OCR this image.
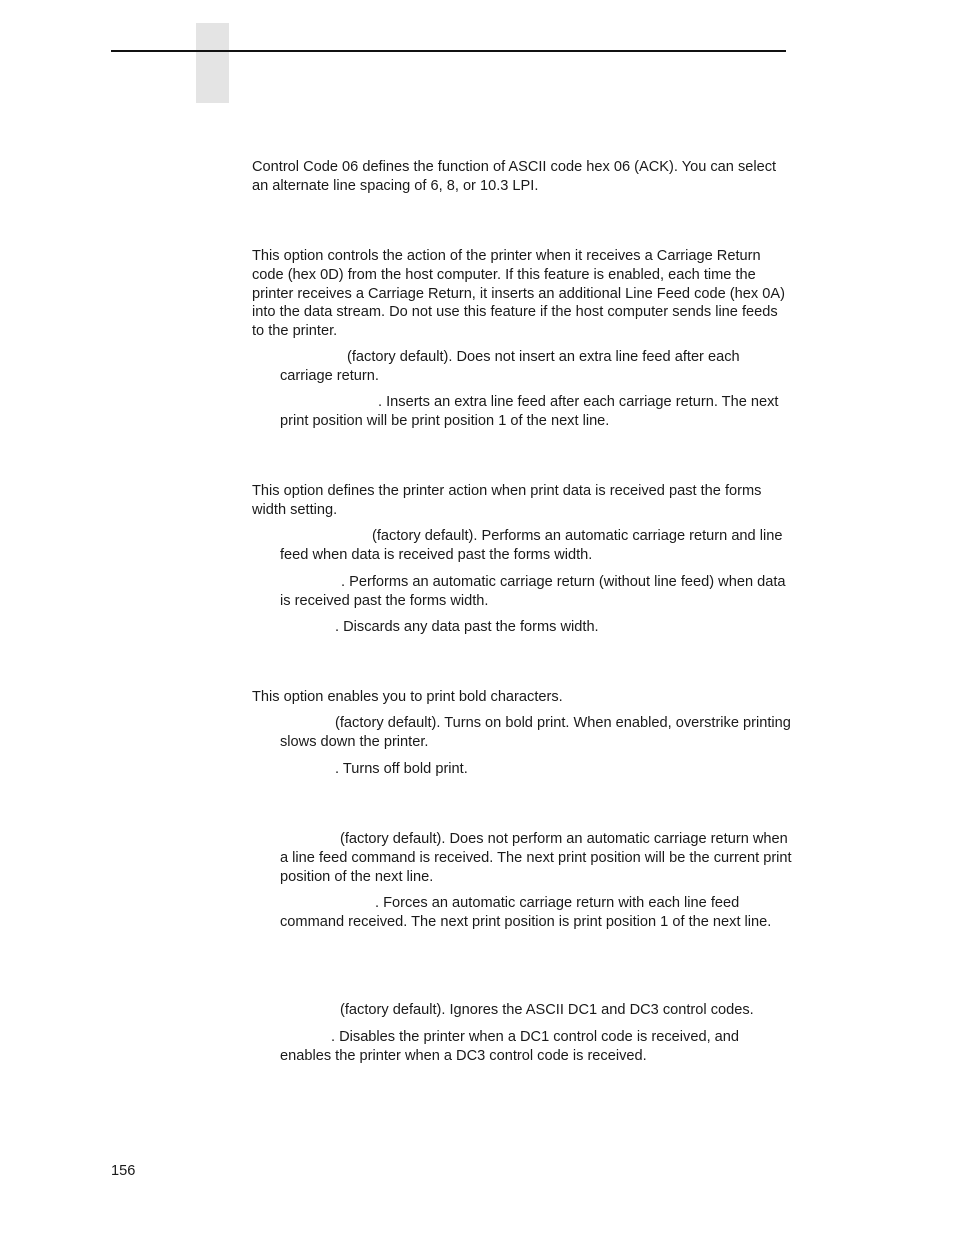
Control Code 06 defines the function of ASCII code hex 06 (ACK). You can select an alternate line spacing of 6, 8, or 10.3 LPI.

This option controls the action of the printer when it receives a Carriage Return code (hex 0D) from the host computer. If this feature is enabled, each time the printer receives a Carriage Return, it inserts an additional Line Feed code (hex 0A) into the data stream. Do not use this feature if the host computer sends line feeds to the printer.

(factory default). Does not insert an extra line feed after each carriage return.

. Inserts an extra line feed after each carriage return. The next print position will be print position 1 of the next line.

This option defines the printer action when print data is received past the forms width setting.

(factory default). Performs an automatic carriage return and line feed when data is received past the forms width.

. Performs an automatic carriage return (without line feed) when data is received past the forms width.

. Discards any data past the forms width.

This option enables you to print bold characters.

(factory default). Turns on bold print. When enabled, overstrike printing slows down the printer.

. Turns off bold print.

(factory default). Does not perform an automatic carriage return when a line feed command is received. The next print position will be the current print position of the next line.

. Forces an automatic carriage return with each line feed command received. The next print position is print position 1 of the next line.

(factory default). Ignores the ASCII DC1 and DC3 control codes.

. Disables the printer when a DC1 control code is received, and enables the printer when a DC3 control code is received.

156
